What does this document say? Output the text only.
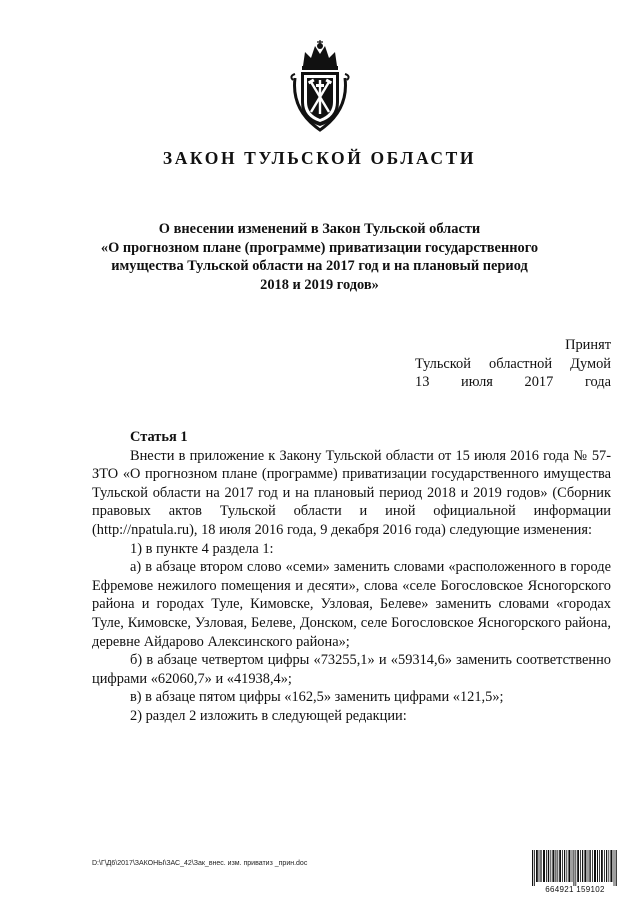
ЗАКОН ТУЛЬСКОЙ ОБЛАСТИ
О внесении изменений в Закон Тульской области
«О прогнозном плане (программе) приватизации государственного
имущества Тульской области на 2017 год и на плановый период
2018 и 2019 годов»
Принят
Тульской областной Думой
13 июля 2017 года

Статья 1

Внести в приложение к Закону Тульской области от 15 июля 2016 года № 57-ЗТО «О прогнозном плане (программе) приватизации государственного имущества Тульской области на 2017 год и на плановый период 2018 и 2019 годов» (Сборник правовых актов Тульской области и иной официальной информации (http://npatula.ru), 18 июля 2016 года, 9 декабря 2016 года) следующие изменения:

1) в пункте 4 раздела 1:

а) в абзаце втором слово «семи» заменить словами «расположенного в городе Ефремове нежилого помещения и десяти», слова «селе Богословское Ясногорского района и городах Туле, Кимовске, Узловая, Белеве» заменить словами «городах Туле, Кимовске, Узловая, Белеве, Донском, селе Богословское Ясногорского района, деревне Айдарово Алексинского района»;

б) в абзаце четвертом цифры «73255,1» и «59314,6» заменить соответственно цифрами «62060,7» и «41938,4»;

в) в абзаце пятом цифры «162,5» заменить цифрами «121,5»;

2) раздел 2 изложить в следующей редакции:

D:\Г\Д6\2017\ЗАКОНЫ\ЗАС_42\Зак_внес. изм. приватиз _прин.doc
664921 159102
